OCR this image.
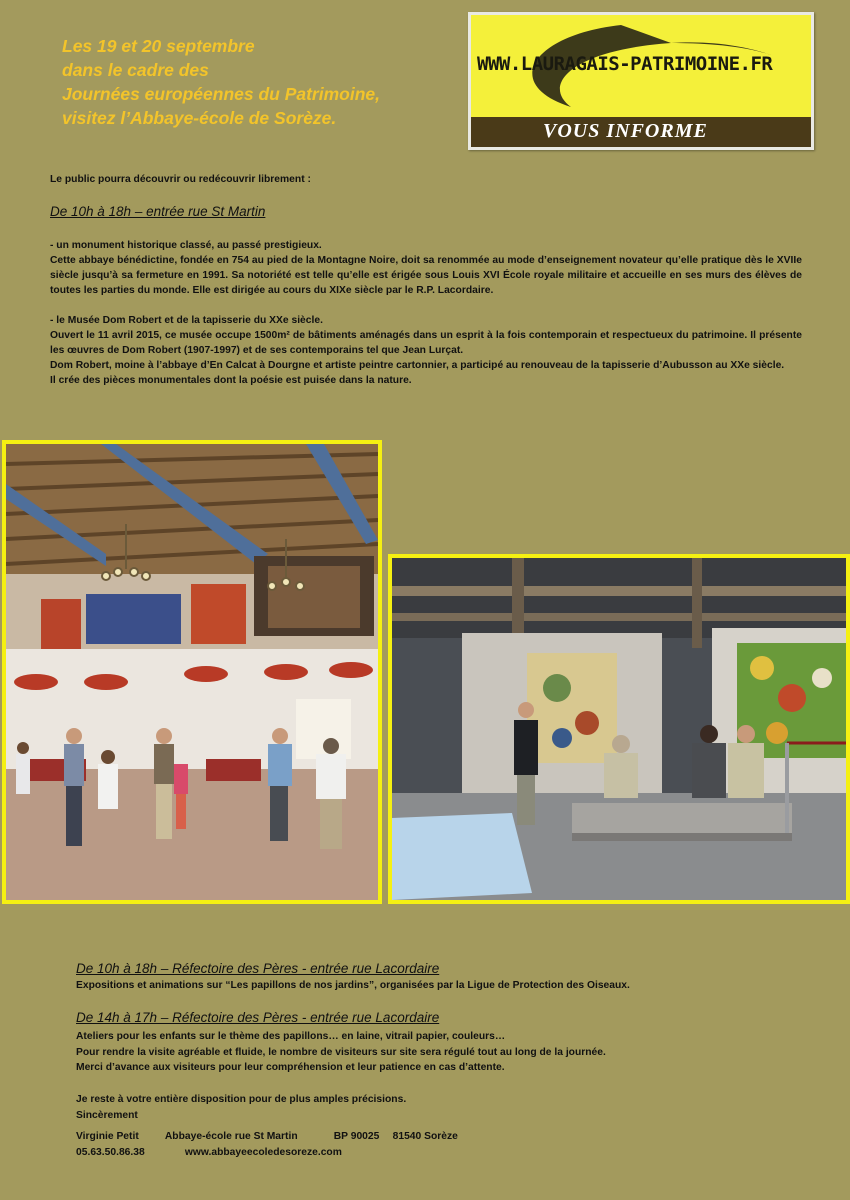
Les 19 et 20 septembre
dans le cadre des
Journées européennes du Patrimoine,
visitez l’Abbaye-école de Sorèze.
WWW.LAURAGAIS-PATRIMOINE.FR
VOUS INFORME

Le public pourra découvrir ou redécouvrir librement :

De 10h à 18h – entrée rue St Martin

- un monument historique classé, au passé prestigieux.

Cette abbaye bénédictine, fondée en 754 au pied de la Montagne Noire, doit sa renommée au mode d’enseignement novateur qu’elle pratique dès le XVIIe siècle jusqu’à sa fermeture en 1991. Sa notoriété est telle qu’elle est érigée sous Louis XVI École royale militaire et accueille en ses murs des élèves de toutes les parties du monde. Elle est dirigée au cours du XIXe siècle par le R.P. Lacordaire.

- le Musée Dom Robert et de la tapisserie du XXe siècle.

Ouvert le 11 avril 2015, ce musée occupe 1500m² de bâtiments aménagés dans un esprit à la fois contemporain et respectueux du patrimoine. Il présente les œuvres de Dom Robert (1907-1997) et de ses contemporains tel que Jean Lurçat.

Dom Robert, moine à l’abbaye d’En Calcat à Dourgne et artiste peintre cartonnier, a participé au renouveau de la tapisserie d’Aubusson au XXe siècle.

Il crée des pièces monumentales dont la poésie est puisée dans la nature.

De 10h à 18h – Réfectoire des Pères - entrée rue Lacordaire

Expositions et animations sur “Les papillons de nos jardins”, organisées par la Ligue de Protection des Oiseaux.

De 14h à 17h – Réfectoire des Pères - entrée rue Lacordaire

Ateliers pour les enfants sur le thème des papillons… en laine, vitrail papier, couleurs…

Pour rendre la visite agréable et fluide, le nombre de visiteurs sur site sera régulé tout au long de la journée.

Merci d’avance aux visiteurs pour leur compréhension et leur patience en cas d’attente.

Je reste à votre entière disposition pour de plus amples précisions.

Sincèrement

Virginie Petit	Abbaye-école rue St Martin	BP 90025 81540 Sorèze

05.63.50.86.38	www.abbayeecoledesoreze.com
